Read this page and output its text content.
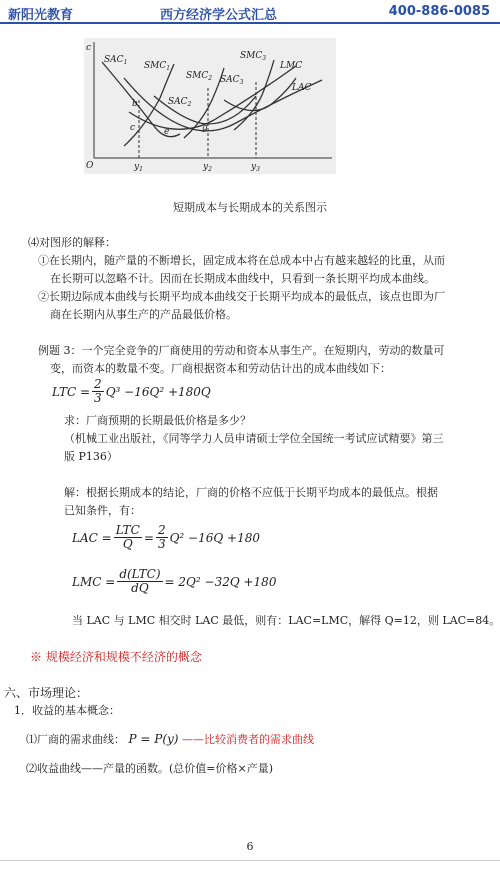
新阳光教育	西方经济学公式汇总	400-886-0085
c
O	$y_1$	$y_2$	$y_3$
$SAC_1$ $SMC_1$
$SMC_2$
$SAC_2$
$SMC_3$
$SAC_3$
LMC
LAC
b
c	e	g
短期成本与长期成本的关系图示
⑷对图形的解释：
①在长期内，随产量的不断增长，固定成本将在总成本中占有越来越轻的比重，从而
在长期可以忽略不计。因而在长期成本曲线中，只看到一条长期平均成本曲线。
②长期边际成本曲线与长期平均成本曲线交于长期平均成本的最低点，该点也即为厂
商在长期内从事生产的产品最低价格。
例题 3：一个完全竞争的厂商使用的劳动和资本从事生产。在短期内，劳动的数量可
变，而资本的数量不变。厂商根据资本和劳动估计出的成本曲线如下：
LTC = $\frac{2}{3} Q^3 -16Q^2 +180Q$
求：厂商预期的长期最低价格是多少？
（机械工业出版社，《同等学力人员申请硕士学位全国统一考试应试精要》第三
版 P136）
解：根据长期成本的结论，厂商的价格不应低于长期平均成本的最低点。根据
已知条件，有：
LAC = $\frac{\text{LTC}}{Q} = \frac{2}{3} Q^2 -16Q +180$
LMC = $\frac{\text{d(LTC)}}{dQ} = 2Q^2 -32Q +180$
当 LAC 与 LMC 相交时 LAC 最低，则有：LAC=LMC，解得 Q=12，则 LAC=84。
※ 规模经济和规模不经济的概念
六、市场理论：
1．收益的基本概念：
⑴厂商的需求曲线： P = P(y) ——比较消费者的需求曲线
⑵收益曲线——产量的函数。(总价值=价格×产量)
6
